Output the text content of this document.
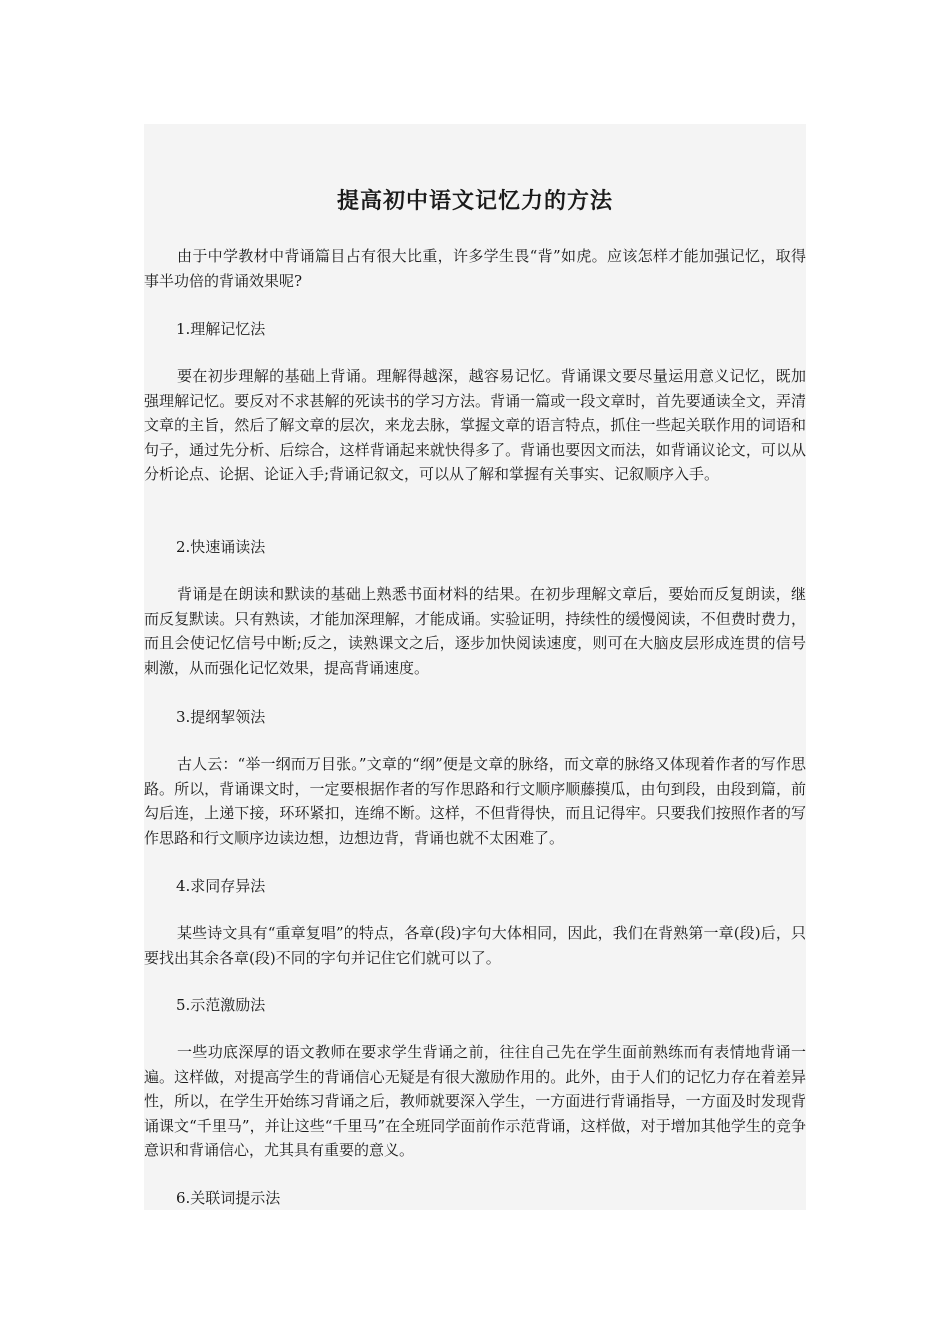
提高初中语文记忆力的方法

由于中学教材中背诵篇目占有很大比重，许多学生畏“背”如虎。应该怎样才能加强记忆，取得事半功倍的背诵效果呢?

1.理解记忆法

要在初步理解的基础上背诵。理解得越深，越容易记忆。背诵课文要尽量运用意义记忆，既加强理解记忆。要反对不求甚解的死读书的学习方法。背诵一篇或一段文章时，首先要通读全文，弄清文章的主旨，然后了解文章的层次，来龙去脉，掌握文章的语言特点，抓住一些起关联作用的词语和句子，通过先分析、后综合，这样背诵起来就快得多了。背诵也要因文而法，如背诵议论文，可以从分析论点、论据、论证入手;背诵记叙文，可以从了解和掌握有关事实、记叙顺序入手。

2.快速诵读法

背诵是在朗读和默读的基础上熟悉书面材料的结果。在初步理解文章后，要始而反复朗读，继而反复默读。只有熟读，才能加深理解，才能成诵。实验证明，持续性的缓慢阅读，不但费时费力，而且会使记忆信号中断;反之，读熟课文之后，逐步加快阅读速度，则可在大脑皮层形成连贯的信号刺激，从而强化记忆效果，提高背诵速度。

3.提纲挈领法

古人云：“举一纲而万目张。”文章的“纲”便是文章的脉络，而文章的脉络又体现着作者的写作思路。所以，背诵课文时，一定要根据作者的写作思路和行文顺序顺藤摸瓜，由句到段，由段到篇，前勾后连，上递下接，环环紧扣，连绵不断。这样，不但背得快，而且记得牢。只要我们按照作者的写作思路和行文顺序边读边想，边想边背，背诵也就不太困难了。

4.求同存异法

某些诗文具有“重章复唱”的特点，各章(段)字句大体相同，因此，我们在背熟第一章(段)后，只要找出其余各章(段)不同的字句并记住它们就可以了。

5.示范激励法

一些功底深厚的语文教师在要求学生背诵之前，往往自己先在学生面前熟练而有表情地背诵一遍。这样做，对提高学生的背诵信心无疑是有很大激励作用的。此外，由于人们的记忆力存在着差异性，所以，在学生开始练习背诵之后，教师就要深入学生，一方面进行背诵指导，一方面及时发现背诵课文“千里马”，并让这些“千里马”在全班同学面前作示范背诵，这样做，对于增加其他学生的竞争意识和背诵信心，尤其具有重要的意义。

6.关联词提示法
